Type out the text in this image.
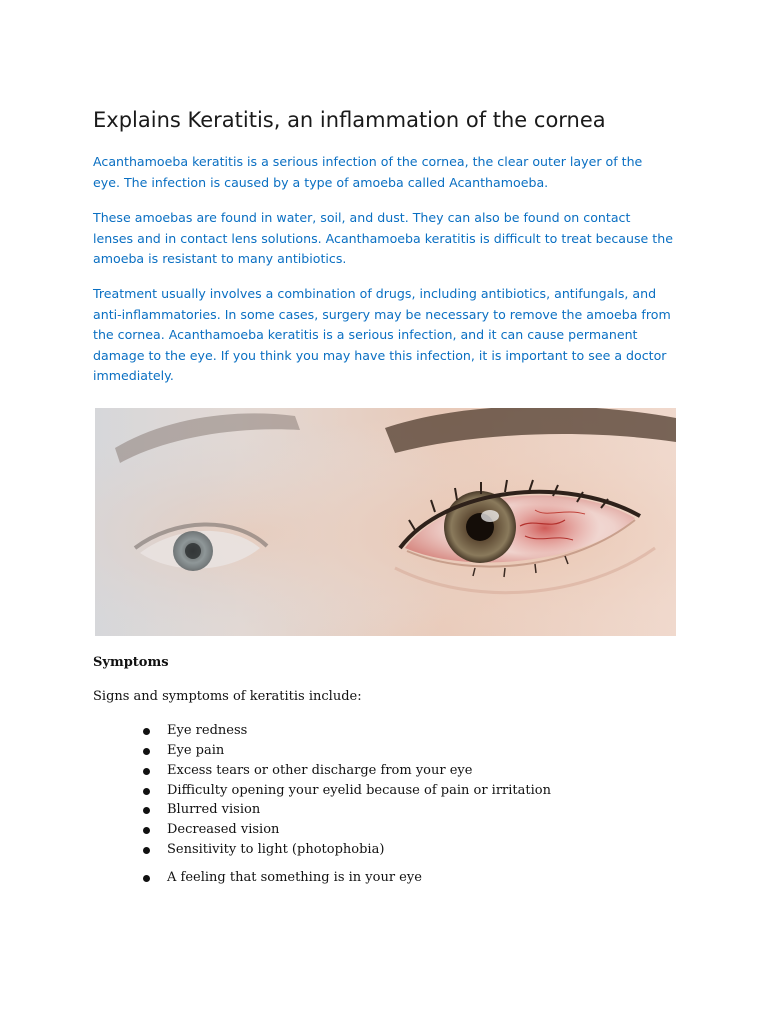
Explains Keratitis, an inflammation of the cornea

Acanthamoeba keratitis is a serious infection of the cornea, the clear outer layer of the eye. The infection is caused by a type of amoeba called Acanthamoeba.

These amoebas are found in water, soil, and dust. They can also be found on contact lenses and in contact lens solutions. Acanthamoeba keratitis is difficult to treat because the amoeba is resistant to many antibiotics.

Treatment usually involves a combination of drugs, including antibiotics, antifungals, and anti-inflammatories. In some cases, surgery may be necessary to remove the amoeba from the cornea. Acanthamoeba keratitis is a serious infection, and it can cause permanent damage to the eye. If you think you may have this infection, it is important to see a doctor immediately.

Symptoms

Signs and symptoms of keratitis include:

Eye redness
Eye pain
Excess tears or other discharge from your eye
Difficulty opening your eyelid because of pain or irritation
Blurred vision
Decreased vision
Sensitivity to light (photophobia)
A feeling that something is in your eye
